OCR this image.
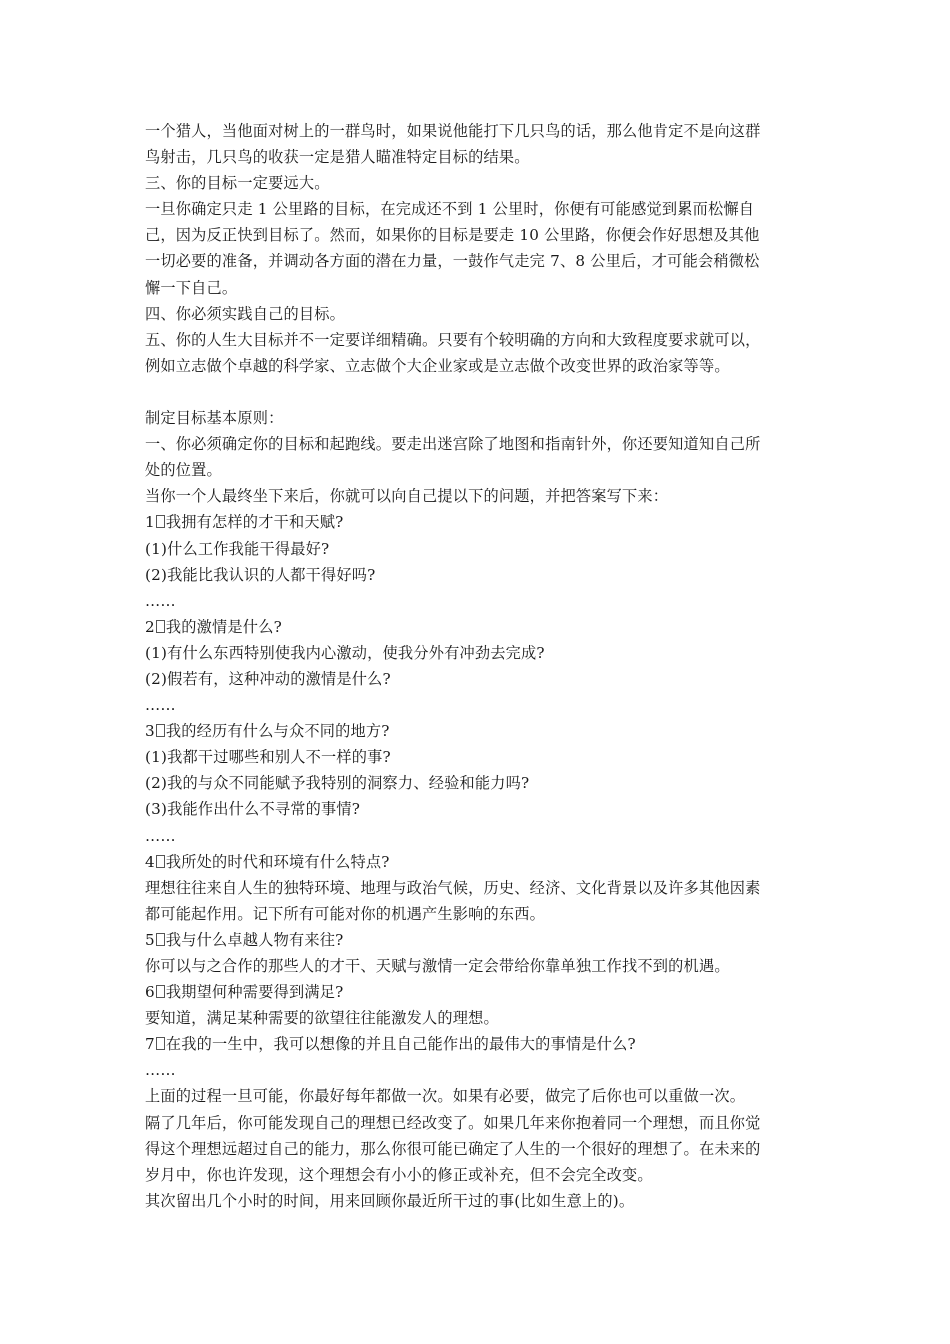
一个猎人，当他面对树上的一群鸟时，如果说他能打下几只鸟的话，那么他肯定不是向这群
鸟射击，几只鸟的收获一定是猎人瞄准特定目标的结果。
三、你的目标一定要远大。
一旦你确定只走 1 公里路的目标，在完成还不到 1 公里时，你便有可能感觉到累而松懈自
己，因为反正快到目标了。然而，如果你的目标是要走 10 公里路，你便会作好思想及其他
一切必要的准备，并调动各方面的潜在力量，一鼓作气走完 7、8 公里后，才可能会稍微松
懈一下自己。
四、你必须实践自己的目标。
五、你的人生大目标并不一定要详细精确。只要有个较明确的方向和大致程度要求就可以，
例如立志做个卓越的科学家、立志做个大企业家或是立志做个改变世界的政治家等等。
制定目标基本原则：
一、你必须确定你的目标和起跑线。要走出迷宫除了地图和指南针外，你还要知道知自己所
处的位置。
当你一个人最终坐下来后，你就可以向自己提以下的问题，并把答案写下来：
1 我拥有怎样的才干和天赋?
(1)什么工作我能干得最好?
(2)我能比我认识的人都干得好吗?
……
2 我的激情是什么?
(1)有什么东西特别使我内心激动，使我分外有冲劲去完成?
(2)假若有，这种冲动的激情是什么?
……
3 我的经历有什么与众不同的地方?
(1)我都干过哪些和别人不一样的事?
(2)我的与众不同能赋予我特别的洞察力、经验和能力吗?
(3)我能作出什么不寻常的事情?
……
4 我所处的时代和环境有什么特点?
理想往往来自人生的独特环境、地理与政治气候，历史、经济、文化背景以及许多其他因素
都可能起作用。记下所有可能对你的机遇产生影响的东西。
5 我与什么卓越人物有来往?
你可以与之合作的那些人的才干、天赋与激情一定会带给你靠单独工作找不到的机遇。
6 我期望何种需要得到满足?
要知道，满足某种需要的欲望往往能激发人的理想。
7 在我的一生中，我可以想像的并且自己能作出的最伟大的事情是什么?
……
上面的过程一旦可能，你最好每年都做一次。如果有必要，做完了后你也可以重做一次。
隔了几年后，你可能发现自己的理想已经改变了。如果几年来你抱着同一个理想，而且你觉
得这个理想远超过自己的能力，那么你很可能已确定了人生的一个很好的理想了。在未来的
岁月中，你也许发现，这个理想会有小小的修正或补充，但不会完全改变。
其次留出几个小时的时间，用来回顾你最近所干过的事(比如生意上的)。
